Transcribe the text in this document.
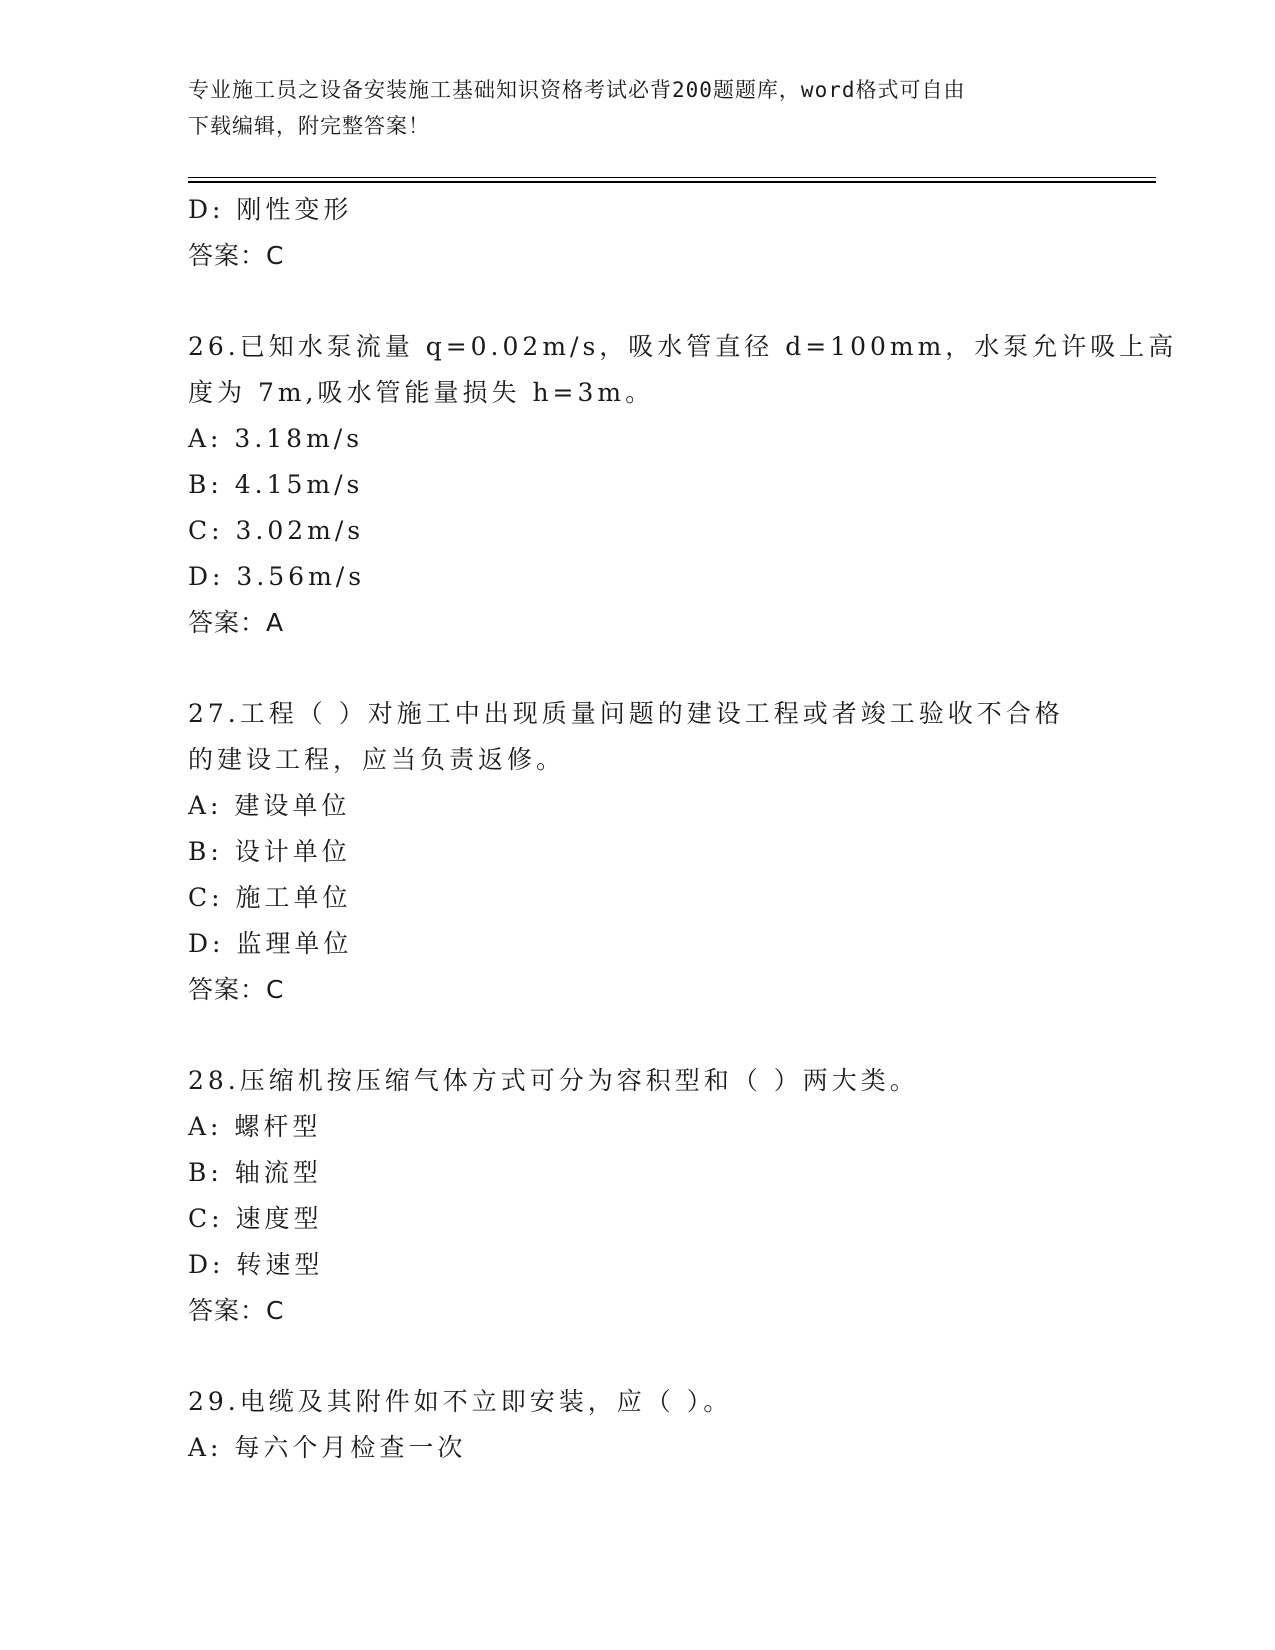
专业施工员之设备安装施工基础知识资格考试必背200题题库，word格式可自由
下载编辑，附完整答案！
D: 刚性变形
答案：C
26.已知水泵流量 q=0.02m/s，吸水管直径 d=100mm，水泵允许吸上高
度为 7m,吸水管能量损失 h=3m。
A: 3.18m/s
B: 4.15m/s
C: 3.02m/s
D: 3.56m/s
答案：A
27.工程（ ）对施工中出现质量问题的建设工程或者竣工验收不合格
的建设工程，应当负责返修。
A: 建设单位
B: 设计单位
C: 施工单位
D: 监理单位
答案：C
28.压缩机按压缩气体方式可分为容积型和（ ）两大类。
A: 螺杆型
B: 轴流型
C: 速度型
D: 转速型
答案：C
29.电缆及其附件如不立即安装，应（ ）。
A: 每六个月检查一次
